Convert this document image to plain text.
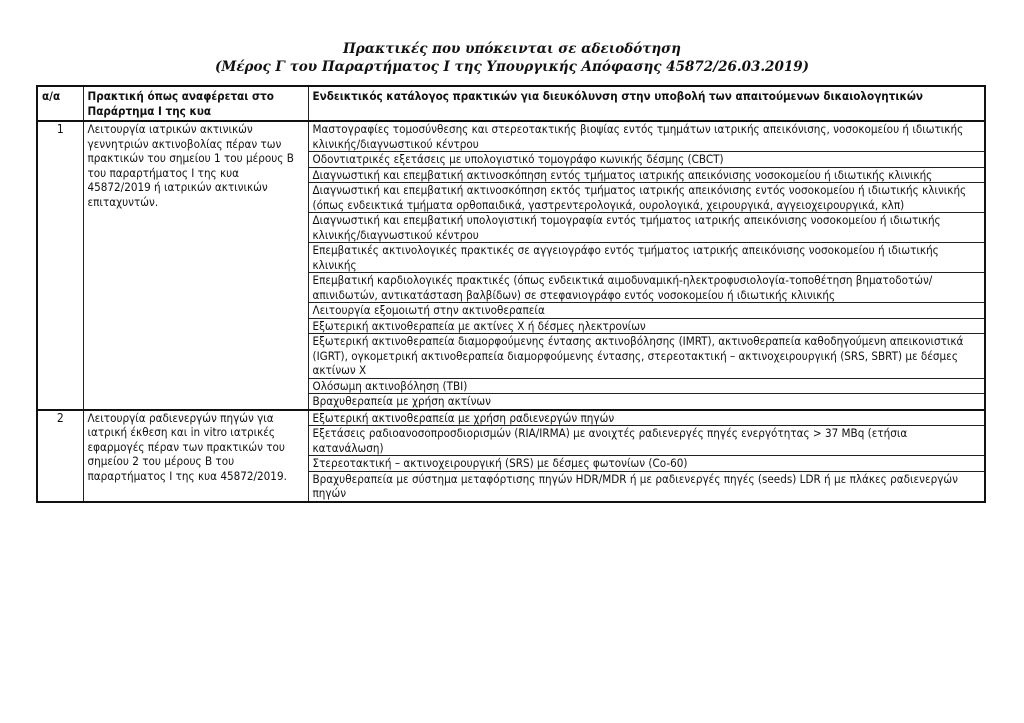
Πρακτικές που υπόκεινται σε αδειοδότηση
(Μέρος Γ του Παραρτήματος Ι της Υπουργικής Απόφασης 45872/26.03.2019)
α/α	Πρακτική όπως αναφέρεται στο Παράρτημα Ι της κυα	Ενδεικτικός κατάλογος πρακτικών για διευκόλυνση στην υποβολή των απαιτούμενων δικαιολογητικών
1	Λειτουργία ιατρικών ακτινικών γεννητριών ακτινοβολίας πέραν των πρακτικών του σημείου 1 του μέρους Β του παραρτήματος Ι της κυα 45872/2019 ή ιατρικών ακτινικών επιταχυντών.	Μαστογραφίες τομοσύνθεσης και στερεοτακτικής βιοψίας εντός τμημάτων ιατρικής απεικόνισης, νοσοκομείου ή ιδιωτικής κλινικής/διαγνωστικού κέντρου
		Οδοντιατρικές εξετάσεις με υπολογιστικό τομογράφο κωνικής δέσμης (CBCT)
		Διαγνωστική και επεμβατική ακτινοσκόπηση εντός τμήματος ιατρικής απεικόνισης νοσοκομείου ή ιδιωτικής κλινικής
		Διαγνωστική και επεμβατική ακτινοσκόπηση εκτός τμήματος ιατρικής απεικόνισης εντός νοσοκομείου ή ιδιωτικής κλινικής (όπως ενδεικτικά τμήματα ορθοπαιδικά, γαστρεντερολογικά, ουρολογικά, χειρουργικά, αγγειοχειρουργικά, κλπ)
		Διαγνωστική και επεμβατική υπολογιστική τομογραφία εντός τμήματος ιατρικής απεικόνισης νοσοκομείου ή ιδιωτικής κλινικής/διαγνωστικού κέντρου
		Επεμβατικές ακτινολογικές πρακτικές σε αγγειογράφο εντός τμήματος ιατρικής απεικόνισης νοσοκομείου ή ιδιωτικής κλινικής
		Επεμβατική καρδιολογικές πρακτικές (όπως ενδεικτικά αιμοδυναμική-ηλεκτροφυσιολογία-τοποθέτηση βηματοδοτών/απινιδωτών, αντικατάσταση βαλβίδων) σε στεφανιογράφο εντός νοσοκομείου ή ιδιωτικής κλινικής
		Λειτουργία εξομοιωτή στην ακτινοθεραπεία
		Εξωτερική ακτινοθεραπεία με ακτίνες Χ ή δέσμες ηλεκτρονίων
		Εξωτερική ακτινοθεραπεία διαμορφούμενης έντασης ακτινοβόλησης (IMRT), ακτινοθεραπεία καθοδηγούμενη απεικονιστικά (IGRT), ογκομετρική ακτινοθεραπεία διαμορφούμενης έντασης, στερεοτακτική – ακτινοχειρουργική (SRS, SBRT) με δέσμες ακτίνων Χ
		Ολόσωμη ακτινοβόληση (TBI)
		Βραχυθεραπεία με χρήση ακτίνων
2	Λειτουργία ραδιενεργών πηγών για ιατρική έκθεση και in vitro ιατρικές εφαρμογές πέραν των πρακτικών του σημείου 2 του μέρους Β του παραρτήματος Ι της κυα 45872/2019.	Εξωτερική ακτινοθεραπεία με χρήση ραδιενεργών πηγών
		Εξετάσεις ραδιοανοσοπροσδιορισμών (RIA/IRMA) με ανοιχτές ραδιενεργές πηγές ενεργότητας > 37 MBq (ετήσια κατανάλωση)
		Στερεοτακτική – ακτινοχειρουργική (SRS) με δέσμες φωτονίων (Co-60)
		Βραχυθεραπεία με σύστημα μεταφόρτισης πηγών HDR/MDR ή με ραδιενεργές πηγές (seeds) LDR ή με πλάκες ραδιενεργών πηγών
